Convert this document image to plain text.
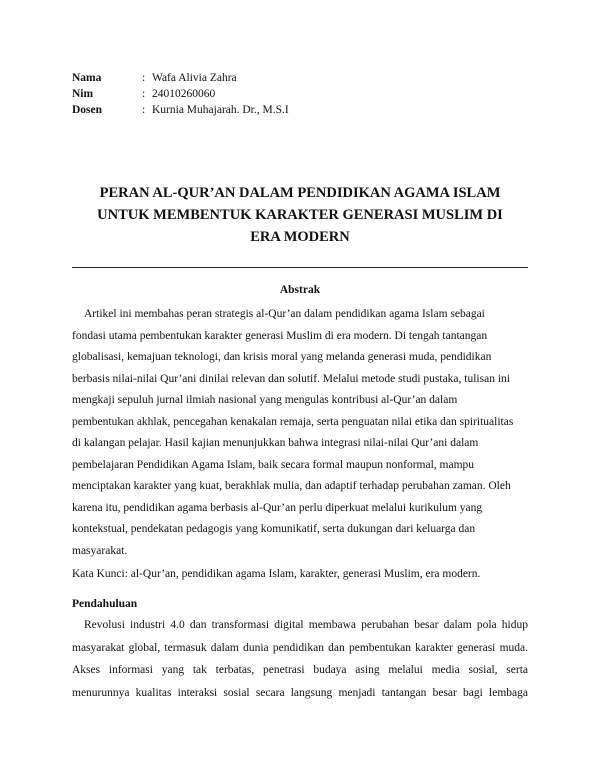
Nama	: Wafa Alivia Zahra
Nim	: 24010260060
Dosen	: Kurnia Muhajarah. Dr., M.S.I
PERAN AL-QUR’AN DALAM PENDIDIKAN AGAMA ISLAM
UNTUK MEMBENTUK KARAKTER GENERASI MUSLIM DI
ERA MODERN
Abstrak
Artikel ini membahas peran strategis al-Qur’an dalam pendidikan agama Islam sebagai
fondasi utama pembentukan karakter generasi Muslim di era modern. Di tengah tantangan
globalisasi, kemajuan teknologi, dan krisis moral yang melanda generasi muda, pendidikan
berbasis nilai-nilai Qur’ani dinilai relevan dan solutif. Melalui metode studi pustaka, tulisan ini
mengkaji sepuluh jurnal ilmiah nasional yang mengulas kontribusi al-Qur’an dalam
pembentukan akhlak, pencegahan kenakalan remaja, serta penguatan nilai etika dan spiritualitas
di kalangan pelajar. Hasil kajian menunjukkan bahwa integrasi nilai-nilai Qur’ani dalam
pembelajaran Pendidikan Agama Islam, baik secara formal maupun nonformal, mampu
menciptakan karakter yang kuat, berakhlak mulia, dan adaptif terhadap perubahan zaman. Oleh
karena itu, pendidikan agama berbasis al-Qur’an perlu diperkuat melalui kurikulum yang
kontekstual, pendekatan pedagogis yang komunikatif, serta dukungan dari keluarga dan
masyarakat.
Kata Kunci: al-Qur’an, pendidikan agama Islam, karakter, generasi Muslim, era modern.
Pendahuluan
Revolusi industri 4.0 dan transformasi digital membawa perubahan besar dalam pola hidup
masyarakat global, termasuk dalam dunia pendidikan dan pembentukan karakter generasi muda.
Akses informasi yang tak terbatas, penetrasi budaya asing melalui media sosial, serta
menurunnya kualitas interaksi sosial secara langsung menjadi tantangan besar bagi lembaga
